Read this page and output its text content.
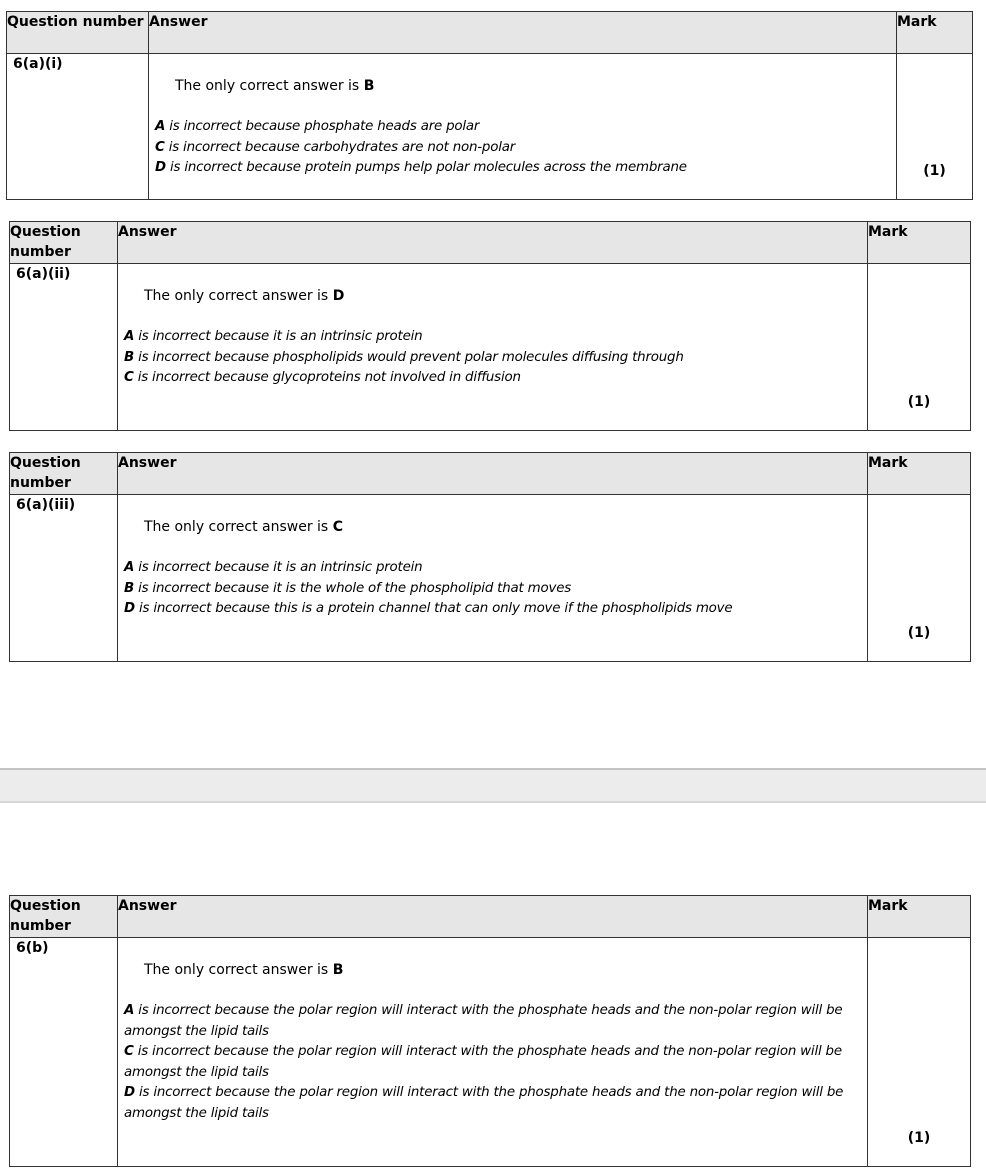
Question number	Answer	Mark
6(a)(i)	The only correct answer is B
A is incorrect because phosphate heads are polar
C is incorrect because carbohydrates are not non-polar
D is incorrect because protein pumps help polar molecules across the membrane	(1)
Question number	Answer	Mark
6(a)(ii)	The only correct answer is D
A is incorrect because it is an intrinsic protein
B is incorrect because phospholipids would prevent polar molecules diffusing through
C is incorrect because glycoproteins not involved in diffusion	(1)
Question number	Answer	Mark
6(a)(iii)	The only correct answer is C
A is incorrect because it is an intrinsic protein
B is incorrect because it is the whole of the phospholipid that moves
D is incorrect because this is a protein channel that can only move if the phospholipids move	(1)
Question number	Answer	Mark
6(b)	The only correct answer is B
A is incorrect because the polar region will interact with the phosphate heads and the non-polar region will be amongst the lipid tails
C is incorrect because the polar region will interact with the phosphate heads and the non-polar region will be amongst the lipid tails
D is incorrect because the polar region will interact with the phosphate heads and the non-polar region will be amongst the lipid tails	(1)
